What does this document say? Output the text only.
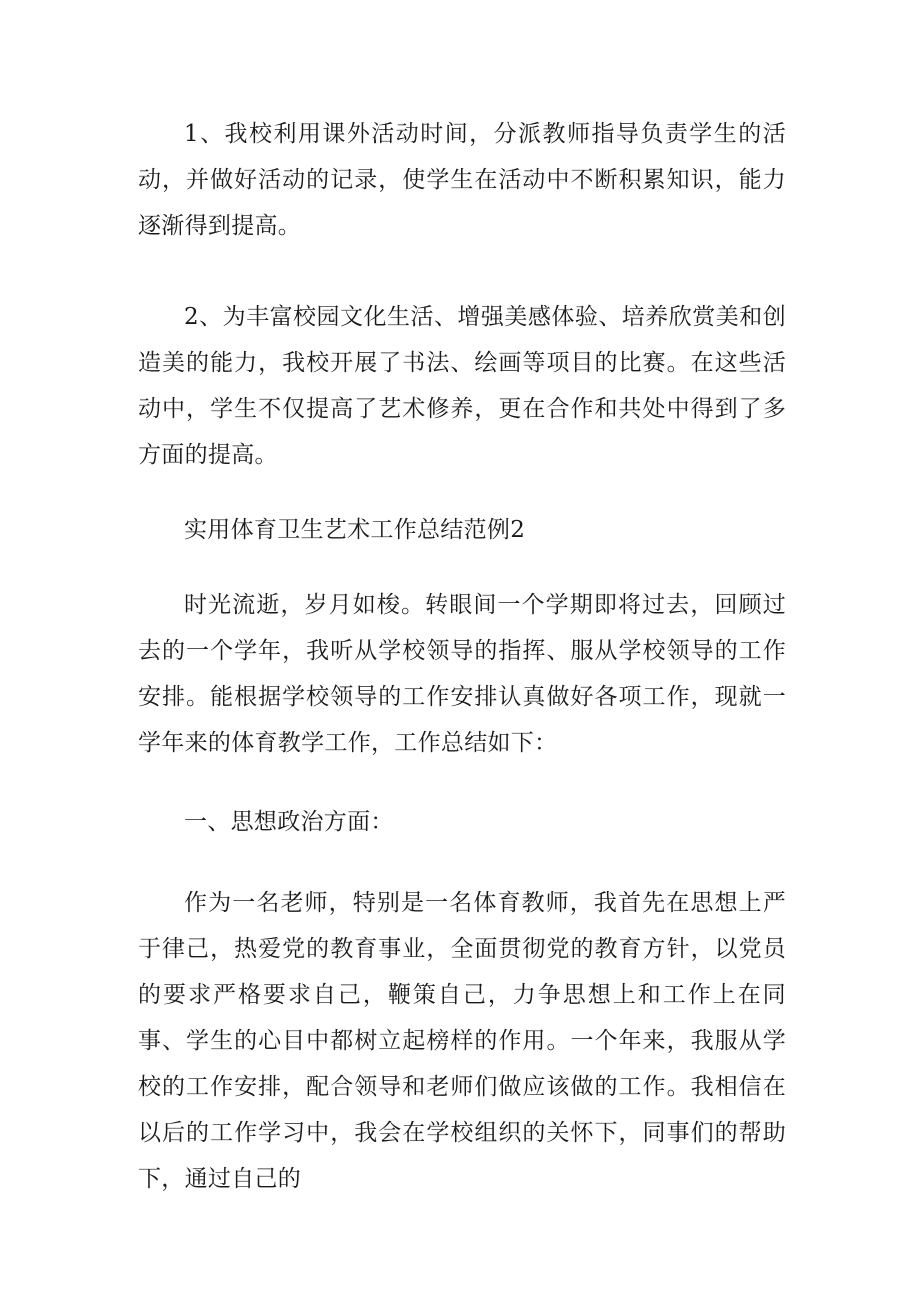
1、我校利用课外活动时间，分派教师指导负责学生的活动，并做好活动的记录，使学生在活动中不断积累知识，能力逐渐得到提高。

2、为丰富校园文化生活、增强美感体验、培养欣赏美和创造美的能力，我校开展了书法、绘画等项目的比赛。在这些活动中，学生不仅提高了艺术修养，更在合作和共处中得到了多方面的提高。

实用体育卫生艺术工作总结范例2

时光流逝，岁月如梭。转眼间一个学期即将过去，回顾过去的一个学年，我听从学校领导的指挥、服从学校领导的工作安排。能根据学校领导的工作安排认真做好各项工作，现就一学年来的体育教学工作，工作总结如下：

一、思想政治方面：

作为一名老师，特别是一名体育教师，我首先在思想上严于律己，热爱党的教育事业，全面贯彻党的教育方针，以党员的要求严格要求自己，鞭策自己，力争思想上和工作上在同事、学生的心目中都树立起榜样的作用。一个年来，我服从学校的工作安排，配合领导和老师们做应该做的工作。我相信在以后的工作学习中，我会在学校组织的关怀下，同事们的帮助下，通过自己的
